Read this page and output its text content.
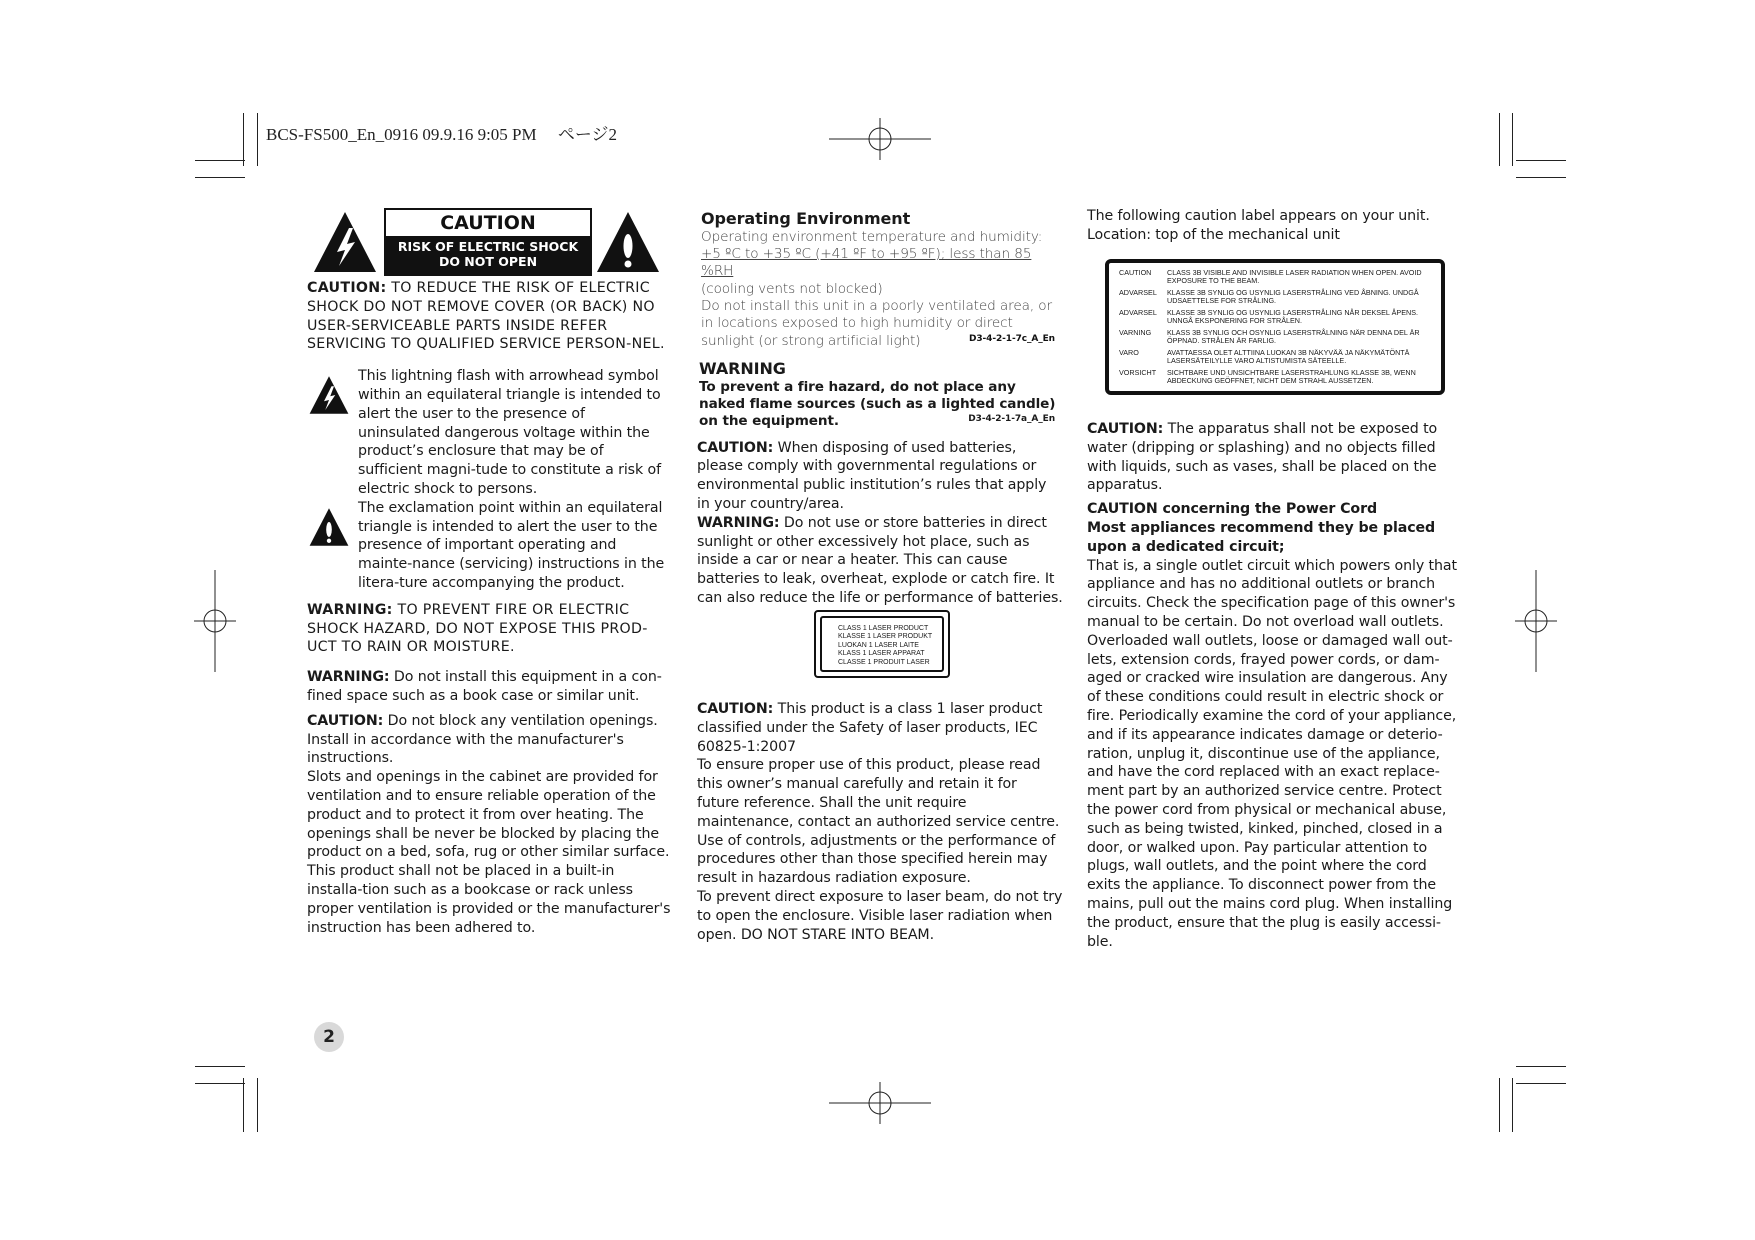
BCS-FS500_En_0916 09.9.16 9:05 PM ページ2
CAUTION
RISK OF ELECTRIC SHOCK
DO NOT OPEN

CAUTION: TO REDUCE THE RISK OF ELECTRIC SHOCK DO NOT REMOVE COVER (OR BACK) NO USER-SERVICEABLE PARTS INSIDE REFER SERVICING TO QUALIFIED SERVICE PERSON-NEL.

This lightning flash with arrowhead symbol within an equilateral triangle is intended to alert the user to the presence of uninsulated dangerous voltage within the product’s enclosure that may be of sufficient magni-tude to constitute a risk of electric shock to persons.

The exclamation point within an equilateral triangle is intended to alert the user to the presence of important operating and mainte-nance (servicing) instructions in the litera-ture accompanying the product.

WARNING: TO PREVENT FIRE OR ELECTRIC SHOCK HAZARD, DO NOT EXPOSE THIS PROD-UCT TO RAIN OR MOISTURE.

WARNING: Do not install this equipment in a con-fined space such as a book case or similar unit.

CAUTION: Do not block any ventilation openings. Install in accordance with the manufacturer's instructions.

Slots and openings in the cabinet are provided for ventilation and to ensure reliable operation of the product and to protect it from over heating. The openings shall be never be blocked by placing the product on a bed, sofa, rug or other similar surface. This product shall not be placed in a built-in installa-tion such as a bookcase or rack unless

proper ventilation is provided or the manufacturer's instruction has been adhered to.

Operating Environment
Operating environment temperature and humidity:
+5 ºC to +35 ºC (+41 ºF to +95 ºF); less than 85 %RH
(cooling vents not blocked)
Do not install this unit in a poorly ventilated area, or in locations exposed to high humidity or direct sunlight (or strong artificial light)	D3-4-2-1-7c_A_En
WARNING
To prevent a fire hazard, do not place any naked flame sources (such as a lighted candle) on the equipment.	D3-4-2-1-7a_A_En

CAUTION: When disposing of used batteries, please comply with governmental regulations or environmental public institution’s rules that apply in your country/area.

WARNING: Do not use or store batteries in direct sunlight or other excessively hot place, such as inside a car or near a heater. This can cause batteries to leak, overheat, explode or catch fire. It can also reduce the life or performance of batteries.

CLASS 1 LASER PRODUCT
KLASSE 1 LASER PRODUKT
LUOKAN 1 LASER LAITE
KLASS 1 LASER APPARAT
CLASSE 1 PRODUIT LASER

CAUTION: This product is a class 1 laser product classified under the Safety of laser products, IEC 60825-1:2007

To ensure proper use of this product, please read this owner’s manual carefully and retain it for future reference. Shall the unit require maintenance, contact an authorized service centre.

Use of controls, adjustments or the performance of procedures other than those specified herein may result in hazardous radiation exposure.

To prevent direct exposure to laser beam, do not try to open the enclosure. Visible laser radiation when open. DO NOT STARE INTO BEAM.

The following caution label appears on your unit.

Location: top of the mechanical unit

CAUTION	CLASS 3B VISIBLE AND INVISIBLE LASER RADIATION WHEN OPEN. AVOID EXPOSURE TO THE BEAM.
ADVARSEL	KLASSE 3B SYNLIG OG USYNLIG LASERSTRÅLING VED ÅBNING. UNDGÅ UDSAETTELSE FOR STRÅLING.
ADVARSEL	KLASSE 3B SYNLIG OG USYNLIG LASERSTRÅLING NÅR DEKSEL ÅPENS. UNNGÅ EKSPONERING FOR STRÅLEN.
VARNING	KLASS 3B SYNLIG OCH OSYNLIG LASERSTRÅLNING NÄR DENNA DEL ÄR ÖPPNAD. STRÅLEN ÄR FARLIG.
VARO	AVATTAESSA OLET ALTTIINA LUOKAN 3B NÄKYVÄÄ JA NÄKYMÄTÖNTÄ LASERSÄTEILYLLE VARO ALTISTUMISTA SÄTEELLE.
VORSICHT	SICHTBARE UND UNSICHTBARE LASERSTRAHLUNG KLASSE 3B, WENN ABDECKUNG GEÖFFNET, NICHT DEM STRAHL AUSSETZEN.

CAUTION: The apparatus shall not be exposed to water (dripping or splashing) and no objects filled with liquids, such as vases, shall be placed on the apparatus.

CAUTION concerning the Power Cord

Most appliances recommend they be placed upon a dedicated circuit;

That is, a single outlet circuit which powers only that appliance and has no additional outlets or branch circuits. Check the specification page of this owner's manual to be certain. Do not overload wall outlets. Overloaded wall outlets, loose or damaged wall out-lets, extension cords, frayed power cords, or dam-aged or cracked wire insulation are dangerous. Any of these conditions could result in electric shock or fire. Periodically examine the cord of your appliance, and if its appearance indicates damage or deterio-ration, unplug it, discontinue use of the appliance, and have the cord replaced with an exact replace-ment part by an authorized service centre. Protect the power cord from physical or mechanical abuse, such as being twisted, kinked, pinched, closed in a door, or walked upon. Pay particular attention to plugs, wall outlets, and the point where the cord exits the appliance. To disconnect power from the mains, pull out the mains cord plug. When installing the product, ensure that the plug is easily accessi-ble.

2
